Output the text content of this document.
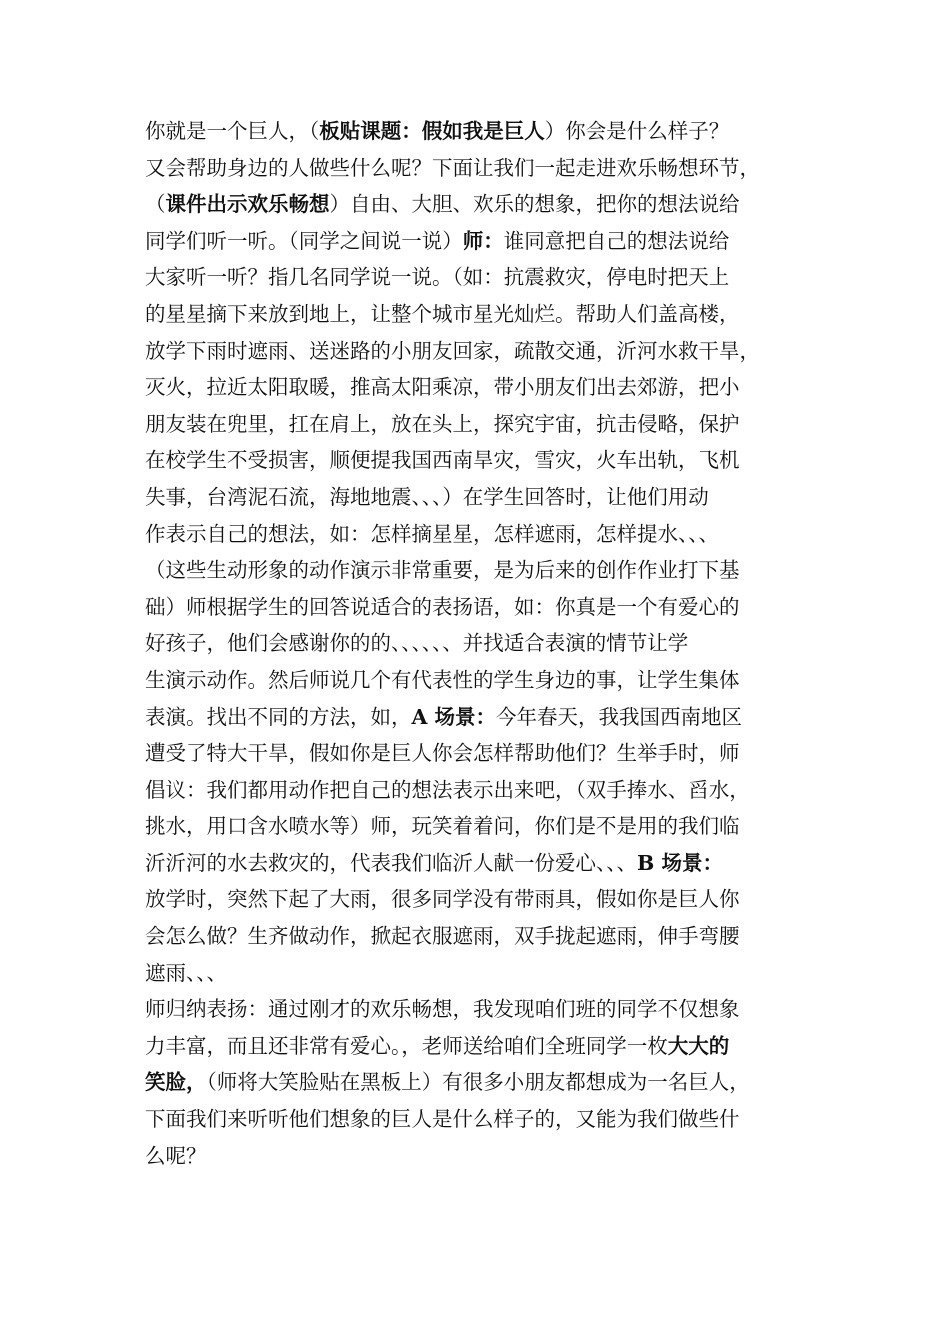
你就是一个巨人，（板贴课题：假如我是巨人）你会是什么样子？
又会帮助身边的人做些什么呢？下面让我们一起走进欢乐畅想环节，
（课件出示欢乐畅想）自由、大胆、欢乐的想象，把你的想法说给
同学们听一听。（同学之间说一说）师：谁同意把自己的想法说给
大家听一听？指几名同学说一说。（如：抗震救灾，停电时把天上
的星星摘下来放到地上，让整个城市星光灿烂。帮助人们盖高楼，
放学下雨时遮雨、送迷路的小朋友回家，疏散交通，沂河水救干旱，
灭火，拉近太阳取暖，推高太阳乘凉，带小朋友们出去郊游，把小
朋友装在兜里，扛在肩上，放在头上，探究宇宙，抗击侵略，保护
在校学生不受损害，顺便提我国西南旱灾，雪灾，火车出轨，飞机
失事，台湾泥石流，海地地震、、、）在学生回答时，让他们用动
作表示自己的想法，如：怎样摘星星，怎样遮雨，怎样提水、、、
（这些生动形象的动作演示非常重要，是为后来的创作作业打下基
础）师根据学生的回答说适合的表扬语，如：你真是一个有爱心的
好孩子，他们会感谢你的的、、、、、、并找适合表演的情节让学
生演示动作。然后师说几个有代表性的学生身边的事，让学生集体
表演。找出不同的方法，如，A 场景：今年春天，我我国西南地区
遭受了特大干旱，假如你是巨人你会怎样帮助他们？生举手时，师
倡议：我们都用动作把自己的想法表示出来吧，（双手捧水、舀水，
挑水，用口含水喷水等）师，玩笑着着问，你们是不是用的我们临
沂沂河的水去救灾的，代表我们临沂人献一份爱心、、、B 场景：
放学时，突然下起了大雨，很多同学没有带雨具，假如你是巨人你
会怎么做？生齐做动作，掀起衣服遮雨，双手拢起遮雨，伸手弯腰
遮雨、、、
师归纳表扬：通过刚才的欢乐畅想，我发现咱们班的同学不仅想象
力丰富，而且还非常有爱心。，老师送给咱们全班同学一枚大大的
笑脸，（师将大笑脸贴在黑板上）有很多小朋友都想成为一名巨人，
下面我们来听听他们想象的巨人是什么样子的，又能为我们做些什
么呢？
